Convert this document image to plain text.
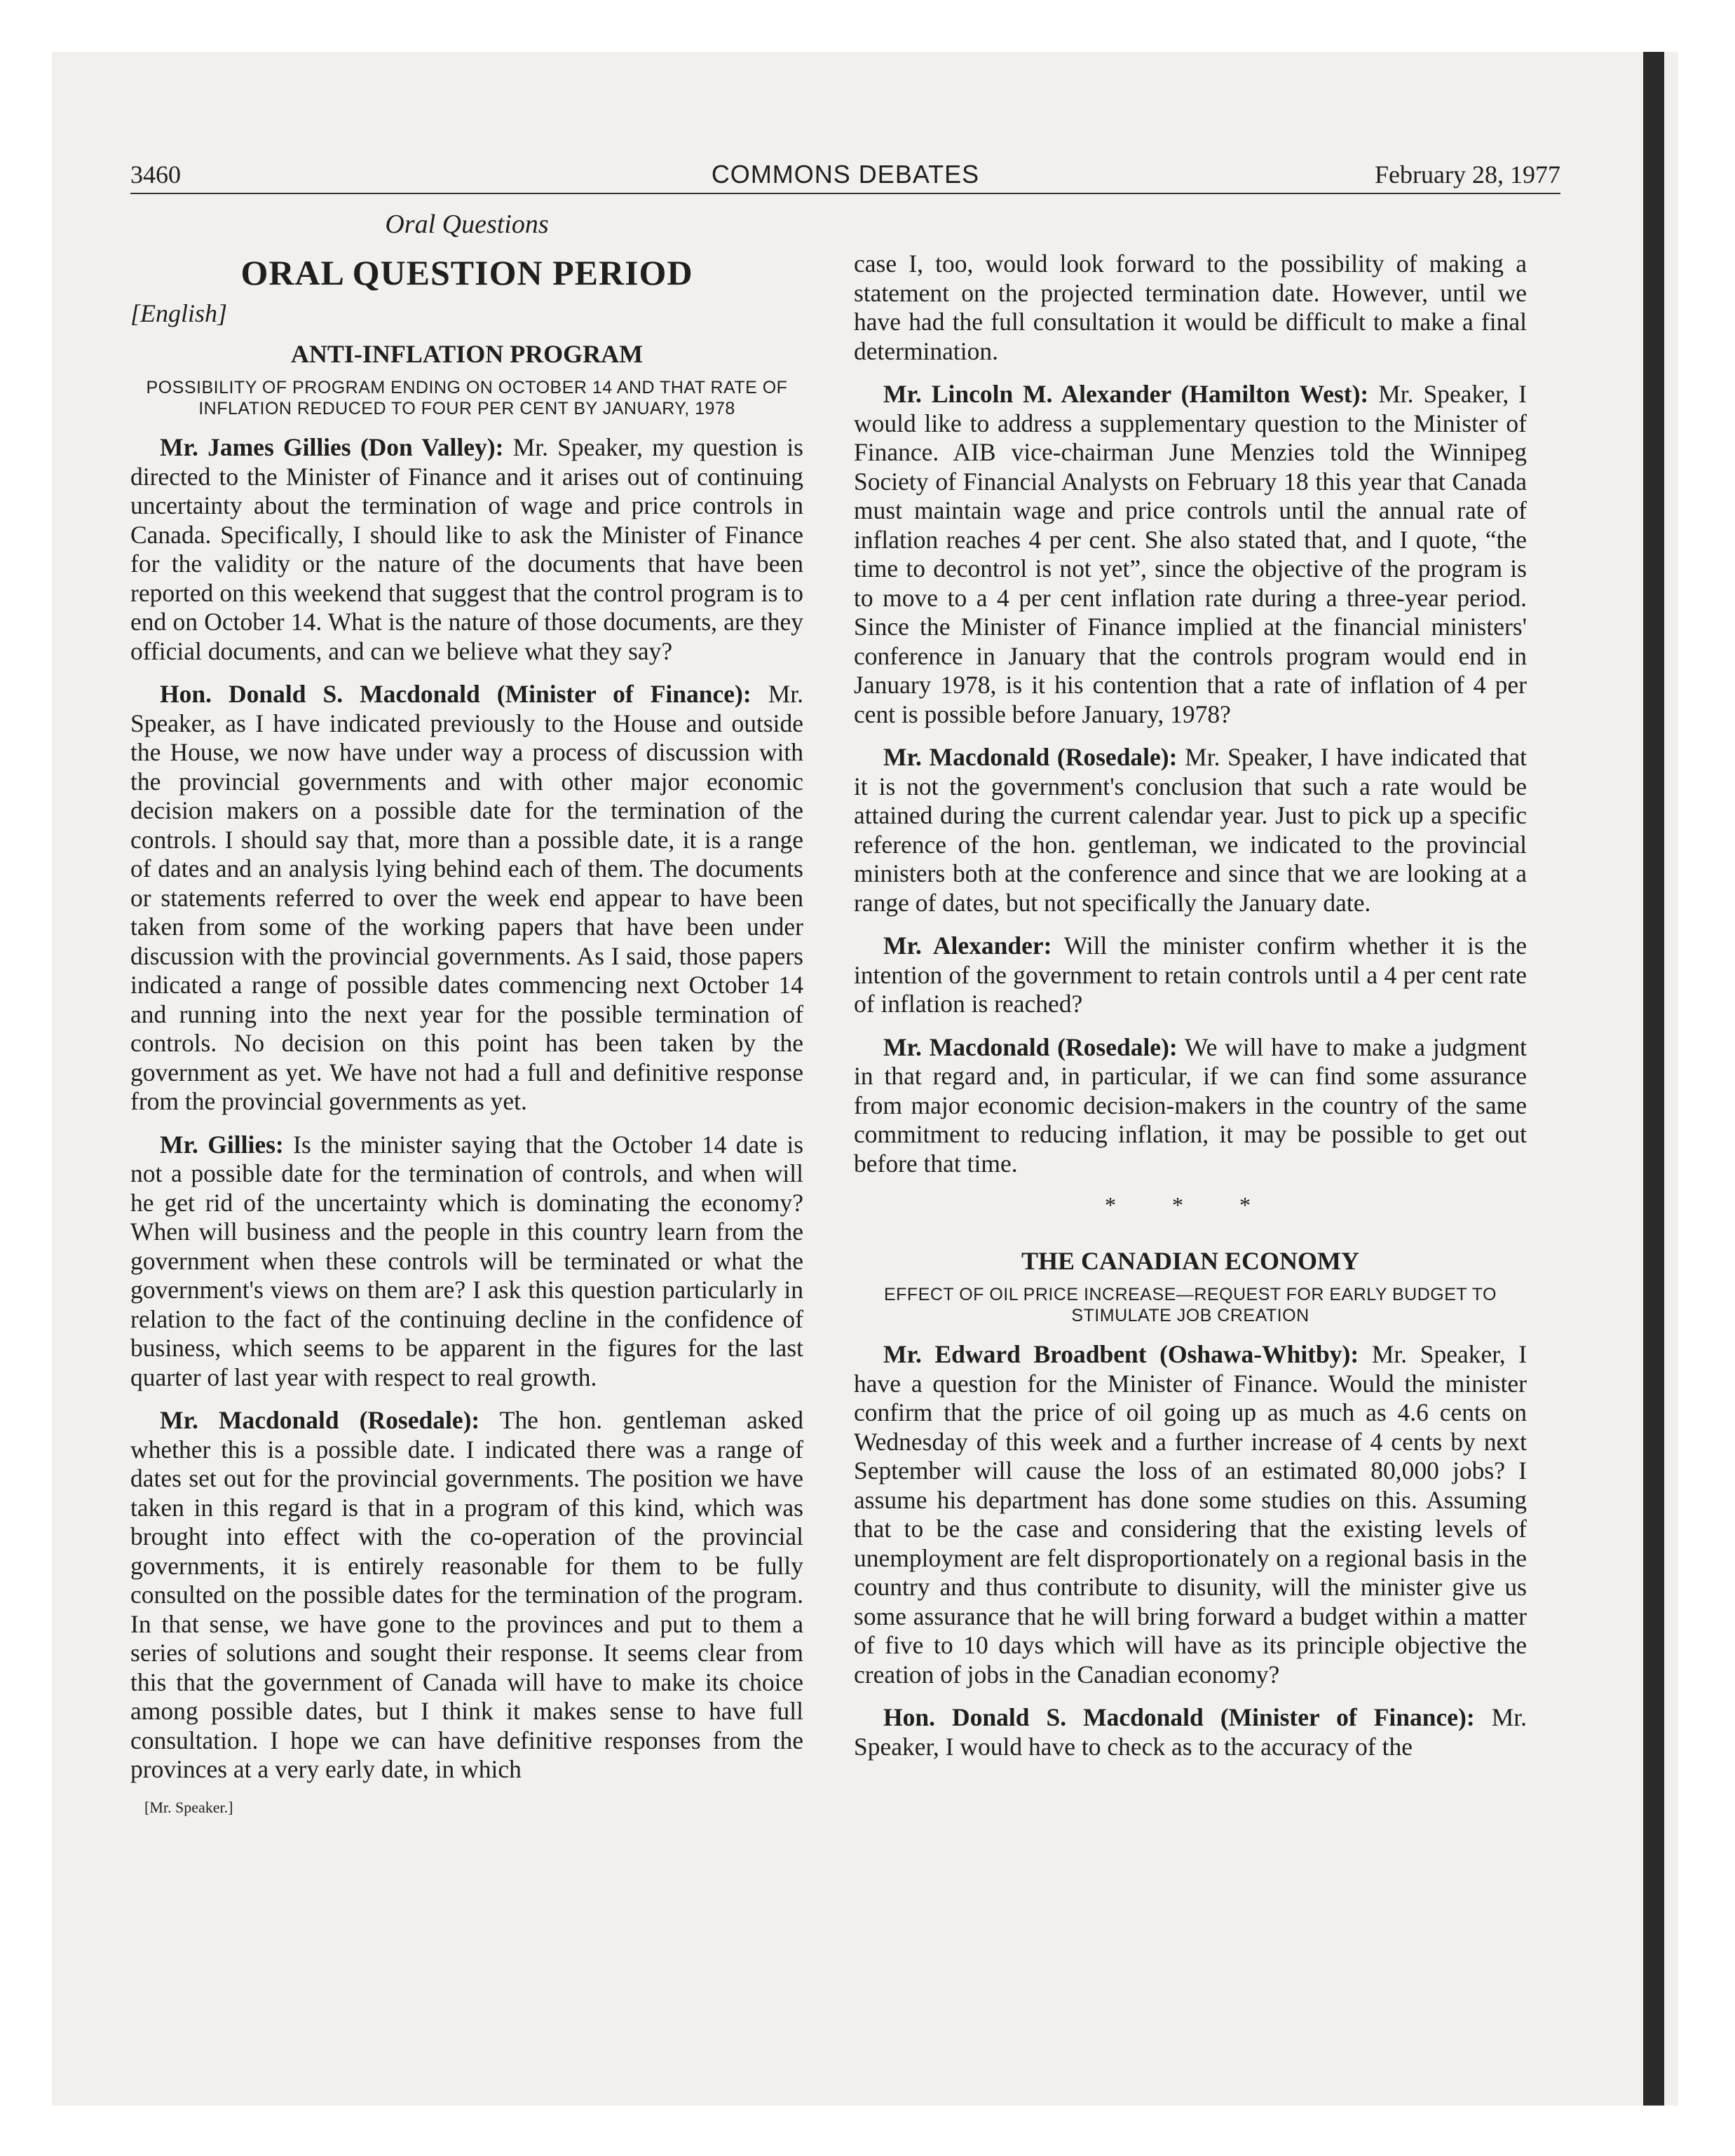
3460	COMMONS DEBATES	February 28, 1977
Oral Questions
ORAL QUESTION PERIOD
[English]
ANTI-INFLATION PROGRAM
POSSIBILITY OF PROGRAM ENDING ON OCTOBER 14 AND THAT RATE OF INFLATION REDUCED TO FOUR PER CENT BY JANUARY, 1978

Mr. James Gillies (Don Valley): Mr. Speaker, my question is directed to the Minister of Finance and it arises out of continuing uncertainty about the termination of wage and price controls in Canada. Specifically, I should like to ask the Minister of Finance for the validity or the nature of the documents that have been reported on this weekend that suggest that the control program is to end on October 14. What is the nature of those documents, are they official documents, and can we believe what they say?

Hon. Donald S. Macdonald (Minister of Finance): Mr. Speaker, as I have indicated previously to the House and outside the House, we now have under way a process of discussion with the provincial governments and with other major economic decision makers on a possible date for the termination of the controls. I should say that, more than a possible date, it is a range of dates and an analysis lying behind each of them. The documents or statements referred to over the week end appear to have been taken from some of the working papers that have been under discussion with the provincial governments. As I said, those papers indicated a range of possible dates commencing next October 14 and running into the next year for the possible termination of controls. No decision on this point has been taken by the government as yet. We have not had a full and definitive response from the provincial governments as yet.

Mr. Gillies: Is the minister saying that the October 14 date is not a possible date for the termination of controls, and when will he get rid of the uncertainty which is dominating the economy? When will business and the people in this country learn from the government when these controls will be terminated or what the government's views on them are? I ask this question particularly in relation to the fact of the continuing decline in the confidence of business, which seems to be apparent in the figures for the last quarter of last year with respect to real growth.

Mr. Macdonald (Rosedale): The hon. gentleman asked whether this is a possible date. I indicated there was a range of dates set out for the provincial governments. The position we have taken in this regard is that in a program of this kind, which was brought into effect with the co-operation of the provincial governments, it is entirely reasonable for them to be fully consulted on the possible dates for the termination of the program. In that sense, we have gone to the provinces and put to them a series of solutions and sought their response. It seems clear from this that the government of Canada will have to make its choice among possible dates, but I think it makes sense to have full consultation. I hope we can have definitive responses from the provinces at a very early date, in which

[Mr. Speaker.]

case I, too, would look forward to the possibility of making a statement on the projected termination date. However, until we have had the full consultation it would be difficult to make a final determination.

Mr. Lincoln M. Alexander (Hamilton West): Mr. Speaker, I would like to address a supplementary question to the Minister of Finance. AIB vice-chairman June Menzies told the Winnipeg Society of Financial Analysts on February 18 this year that Canada must maintain wage and price controls until the annual rate of inflation reaches 4 per cent. She also stated that, and I quote, “the time to decontrol is not yet”, since the objective of the program is to move to a 4 per cent inflation rate during a three-year period. Since the Minister of Finance implied at the financial ministers' conference in January that the controls program would end in January 1978, is it his contention that a rate of inflation of 4 per cent is possible before January, 1978?

Mr. Macdonald (Rosedale): Mr. Speaker, I have indicated that it is not the government's conclusion that such a rate would be attained during the current calendar year. Just to pick up a specific reference of the hon. gentleman, we indicated to the provincial ministers both at the conference and since that we are looking at a range of dates, but not specifically the January date.

Mr. Alexander: Will the minister confirm whether it is the intention of the government to retain controls until a 4 per cent rate of inflation is reached?

Mr. Macdonald (Rosedale): We will have to make a judgment in that regard and, in particular, if we can find some assurance from major economic decision-makers in the country of the same commitment to reducing inflation, it may be possible to get out before that time.

* * *
THE CANADIAN ECONOMY
EFFECT OF OIL PRICE INCREASE—REQUEST FOR EARLY BUDGET TO STIMULATE JOB CREATION

Mr. Edward Broadbent (Oshawa-Whitby): Mr. Speaker, I have a question for the Minister of Finance. Would the minister confirm that the price of oil going up as much as 4.6 cents on Wednesday of this week and a further increase of 4 cents by next September will cause the loss of an estimated 80,000 jobs? I assume his department has done some studies on this. Assuming that to be the case and considering that the existing levels of unemployment are felt disproportionately on a regional basis in the country and thus contribute to disunity, will the minister give us some assurance that he will bring forward a budget within a matter of five to 10 days which will have as its principle objective the creation of jobs in the Canadian economy?

Hon. Donald S. Macdonald (Minister of Finance): Mr. Speaker, I would have to check as to the accuracy of the
